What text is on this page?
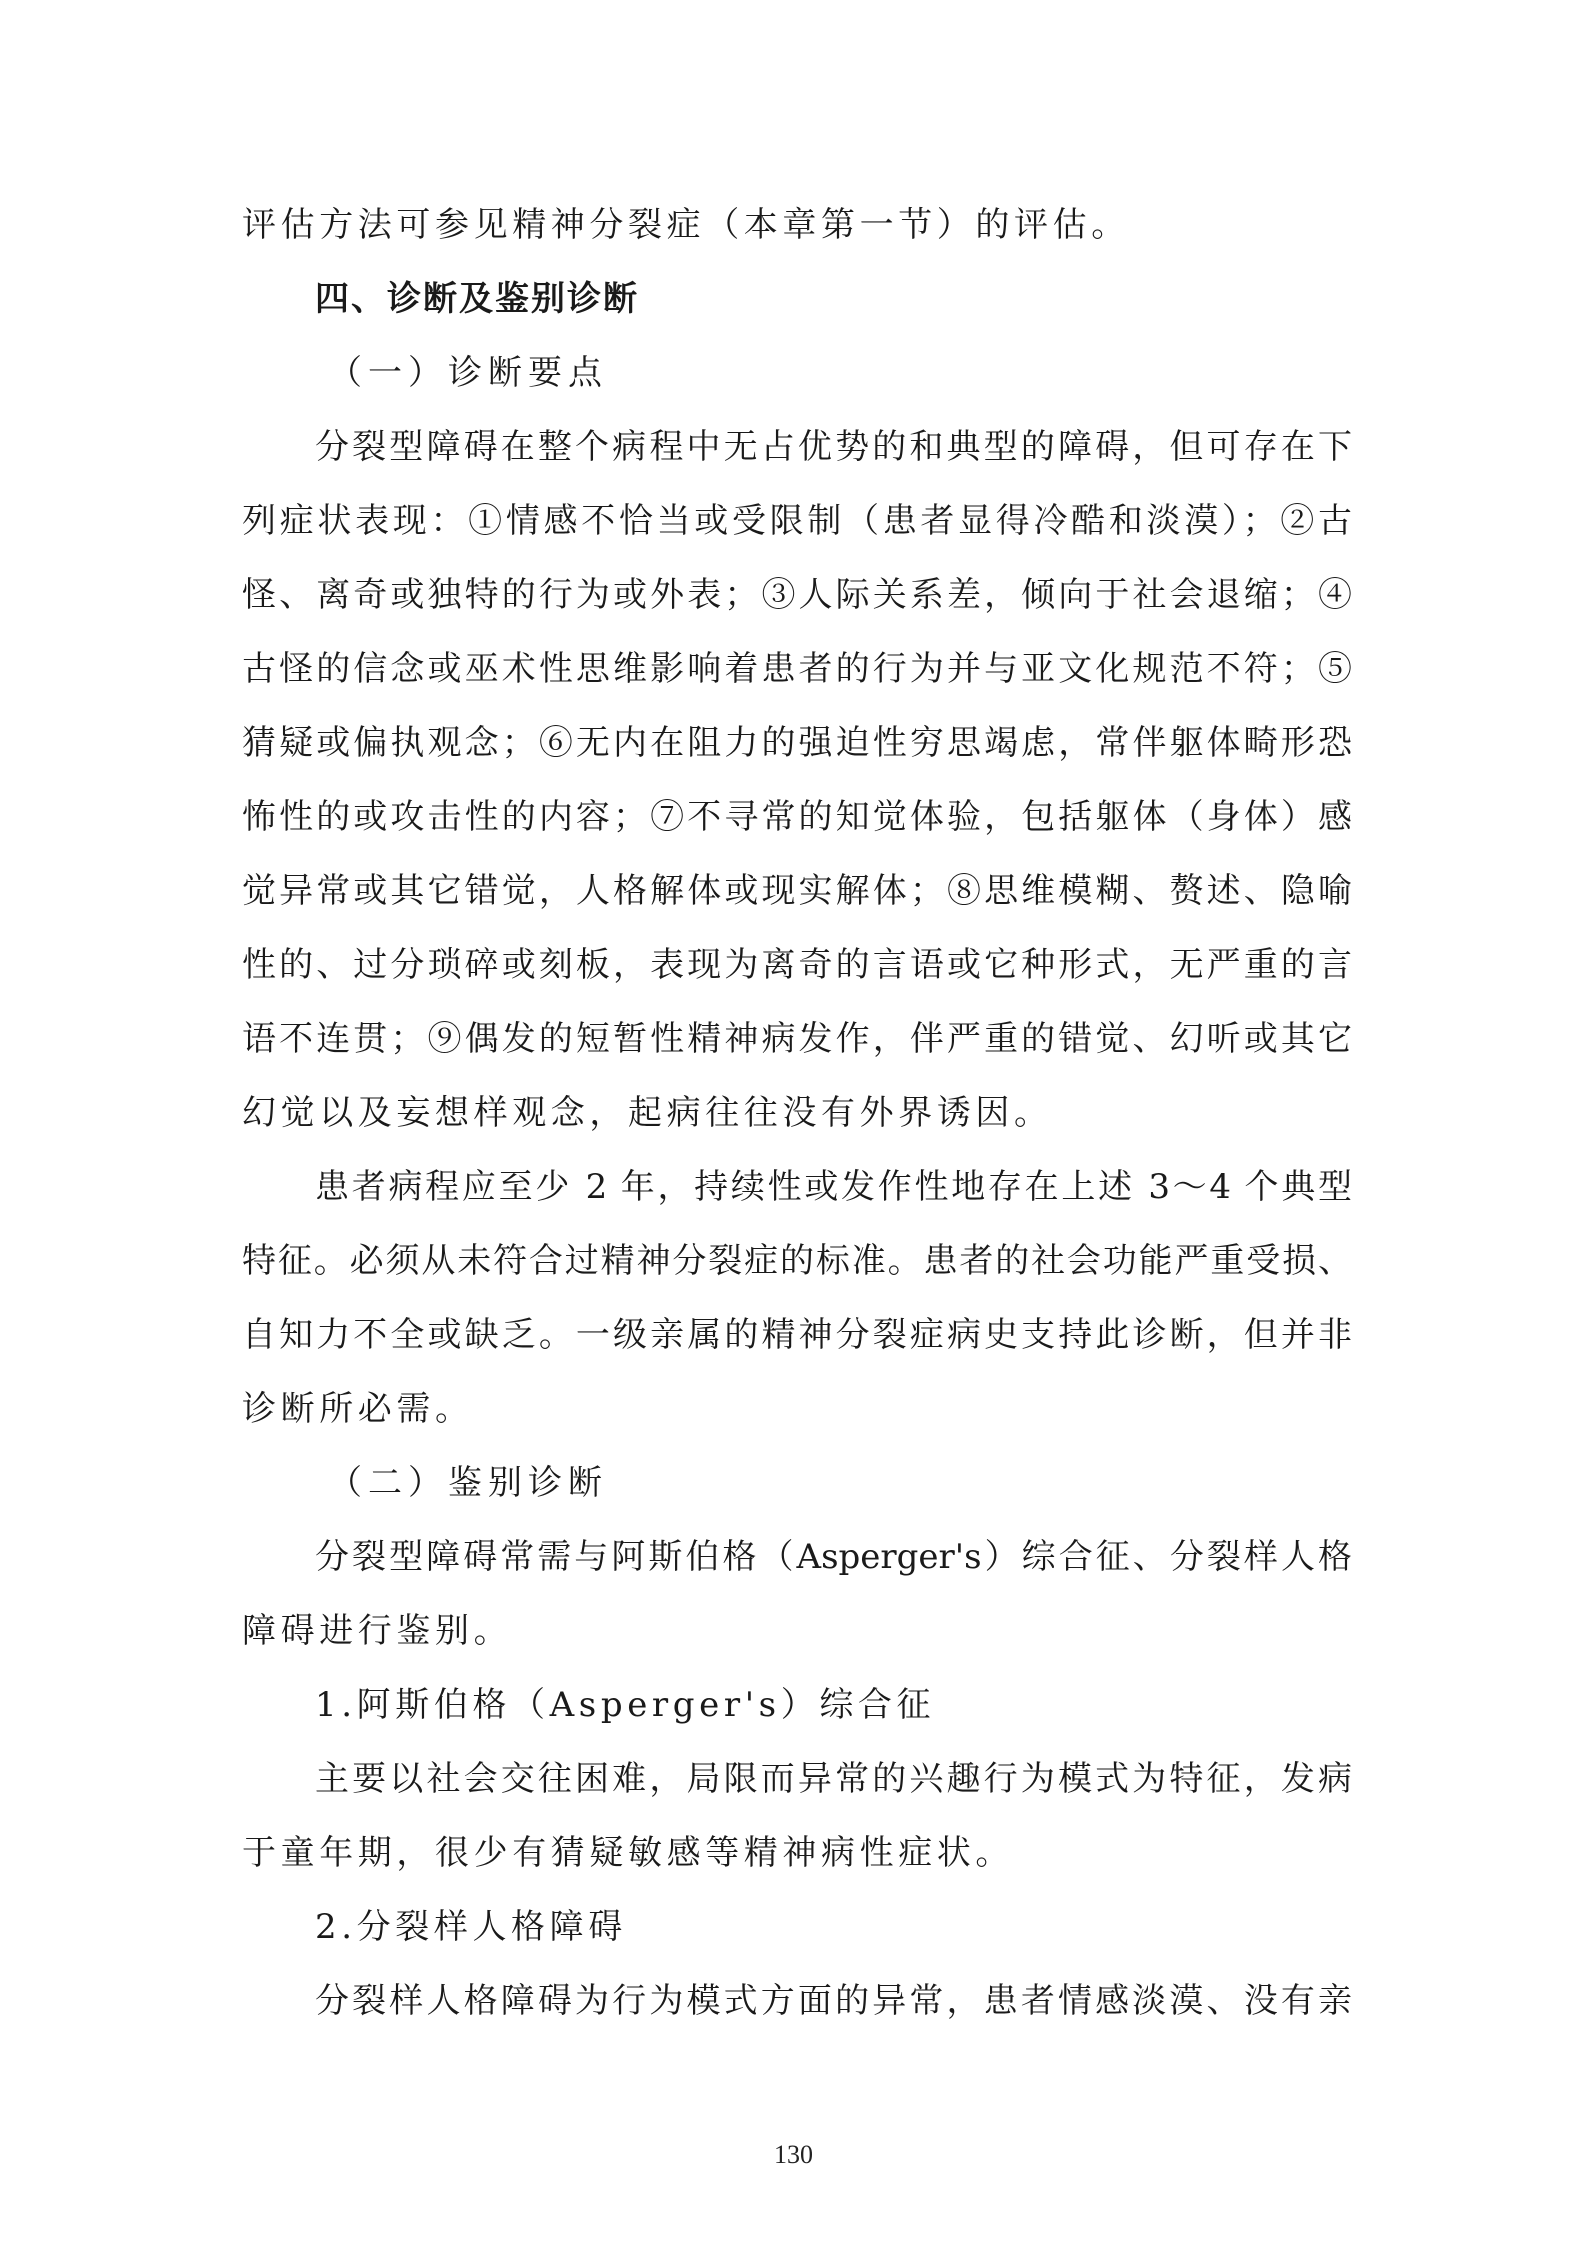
评估方法可参见精神分裂症（本章第一节）的评估。
四、诊断及鉴别诊断
（一）诊断要点
分裂型障碍在整个病程中无占优势的和典型的障碍，但可存在下
列症状表现：①情感不恰当或受限制（患者显得冷酷和淡漠）；②古
怪、离奇或独特的行为或外表；③人际关系差，倾向于社会退缩；④
古怪的信念或巫术性思维影响着患者的行为并与亚文化规范不符；⑤
猜疑或偏执观念；⑥无内在阻力的强迫性穷思竭虑，常伴躯体畸形恐
怖性的或攻击性的内容；⑦不寻常的知觉体验，包括躯体（身体）感
觉异常或其它错觉，人格解体或现实解体；⑧思维模糊、赘述、隐喻
性的、过分琐碎或刻板，表现为离奇的言语或它种形式，无严重的言
语不连贯；⑨偶发的短暂性精神病发作，伴严重的错觉、幻听或其它
幻觉以及妄想样观念，起病往往没有外界诱因。
患者病程应至少 2 年，持续性或发作性地存在上述 3～4 个典型
特征。必须从未符合过精神分裂症的标准。患者的社会功能严重受损、
自知力不全或缺乏。一级亲属的精神分裂症病史支持此诊断，但并非
诊断所必需。
（二）鉴别诊断
分裂型障碍常需与阿斯伯格（Asperger's）综合征、分裂样人格
障碍进行鉴别。
1.阿斯伯格（Asperger's）综合征
主要以社会交往困难，局限而异常的兴趣行为模式为特征，发病
于童年期，很少有猜疑敏感等精神病性症状。
2.分裂样人格障碍
分裂样人格障碍为行为模式方面的异常，患者情感淡漠、没有亲
130
